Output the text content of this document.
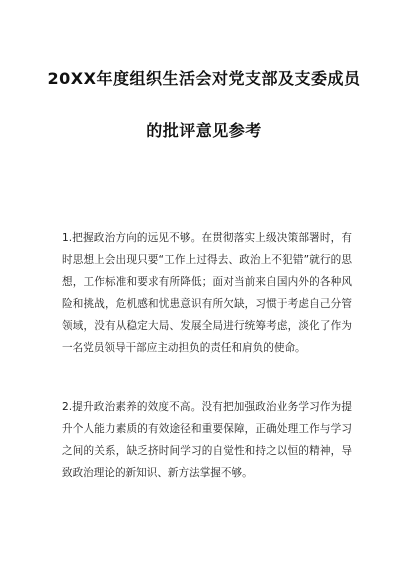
20XX年度组织生活会对党支部及支委成员
的批评意见参考
1.把握政治方向的远见不够。在贯彻落实上级决策部署时，有时思想上会出现只要“工作上过得去、政治上不犯错”就行的思想，工作标准和要求有所降低；面对当前来自国内外的各种风险和挑战，危机感和忧患意识有所欠缺，习惯于考虑自己分管领域，没有从稳定大局、发展全局进行统筹考虑，淡化了作为一名党员领导干部应主动担负的责任和肩负的使命。
2.提升政治素养的效度不高。没有把加强政治业务学习作为提升个人能力素质的有效途径和重要保障，正确处理工作与学习之间的关系，缺乏挤时间学习的自觉性和持之以恒的精神，导致政治理论的新知识、新方法掌握不够。
